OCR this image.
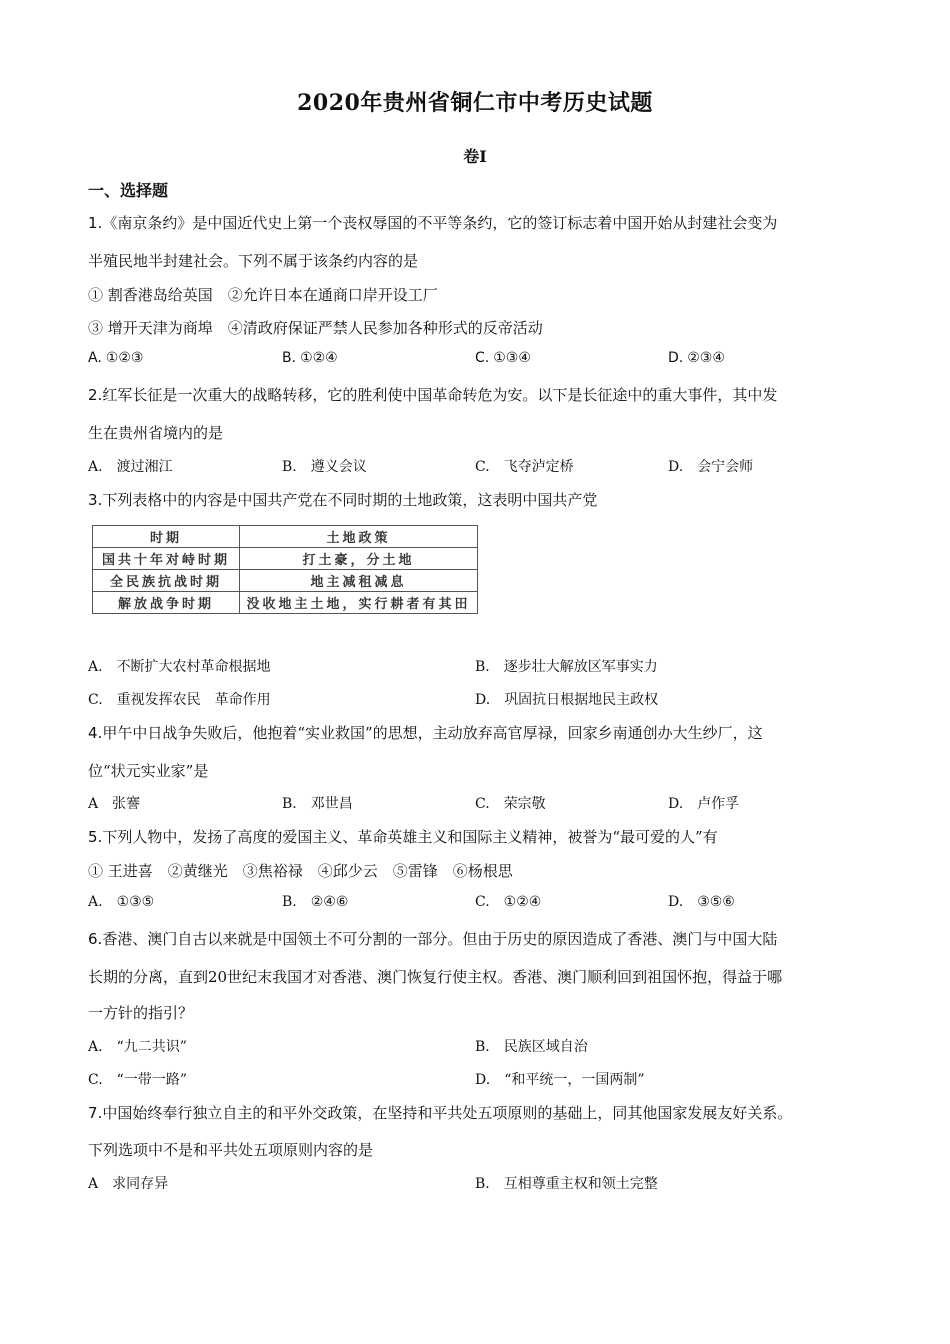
2020年贵州省铜仁市中考历史试题
卷Ⅰ
一、选择题
1.《南京条约》是中国近代史上第一个丧权辱国的不平等条约，它的签订标志着中国开始从封建社会变为
半殖民地半封建社会。下列不属于该条约内容的是
① 割香港岛给英国　②允许日本在通商口岸开设工厂
③ 增开天津为商埠　④清政府保证严禁人民参加各种形式的反帝活动
A. ①②③	B. ①②④	C. ①③④	D. ②③④
2.红军长征是一次重大的战略转移，它的胜利使中国革命转危为安。以下是长征途中的重大事件，其中发
生在贵州省境内的是
A. 渡过湘江	B. 遵义会议	C. 飞夺泸定桥	D. 会宁会师
3.下列表格中的内容是中国共产党在不同时期的土地政策，这表明中国共产党
时期	土地政策
国共十年对峙时期	打土豪，分土地
全民族抗战时期	地主减租减息
解放战争时期	没收地主土地，实行耕者有其田
A. 不断扩大农村革命根据地	B. 逐步壮大解放区军事实力
C. 重视发挥农民　革命作用	D. 巩固抗日根据地民主政权
4.甲午中日战争失败后，他抱着“实业救国”的思想，主动放弃高官厚禄，回家乡南通创办大生纱厂，这
位“状元实业家”是
A 张謇	B. 邓世昌	C. 荣宗敬	D. 卢作孚
5.下列人物中，发扬了高度的爱国主义、革命英雄主义和国际主义精神，被誉为“最可爱的人”有
① 王进喜　②黄继光　③焦裕禄　④邱少云　⑤雷锋　⑥杨根思
A. ①③⑤	B. ②④⑥	C. ①②④	D. ③⑤⑥
6.香港、澳门自古以来就是中国领土不可分割的一部分。但由于历史的原因造成了香港、澳门与中国大陆
长期的分离，直到20世纪末我国才对香港、澳门恢复行使主权。香港、澳门顺利回到祖国怀抱，得益于哪
一方针的指引？
A. “九二共识”	B. 民族区域自治
C. “一带一路”	D. “和平统一，一国两制”
7.中国始终奉行独立自主的和平外交政策，在坚持和平共处五项原则的基础上，同其他国家发展友好关系。
下列选项中不是和平共处五项原则内容的是
A 求同存异	B. 互相尊重主权和领土完整
